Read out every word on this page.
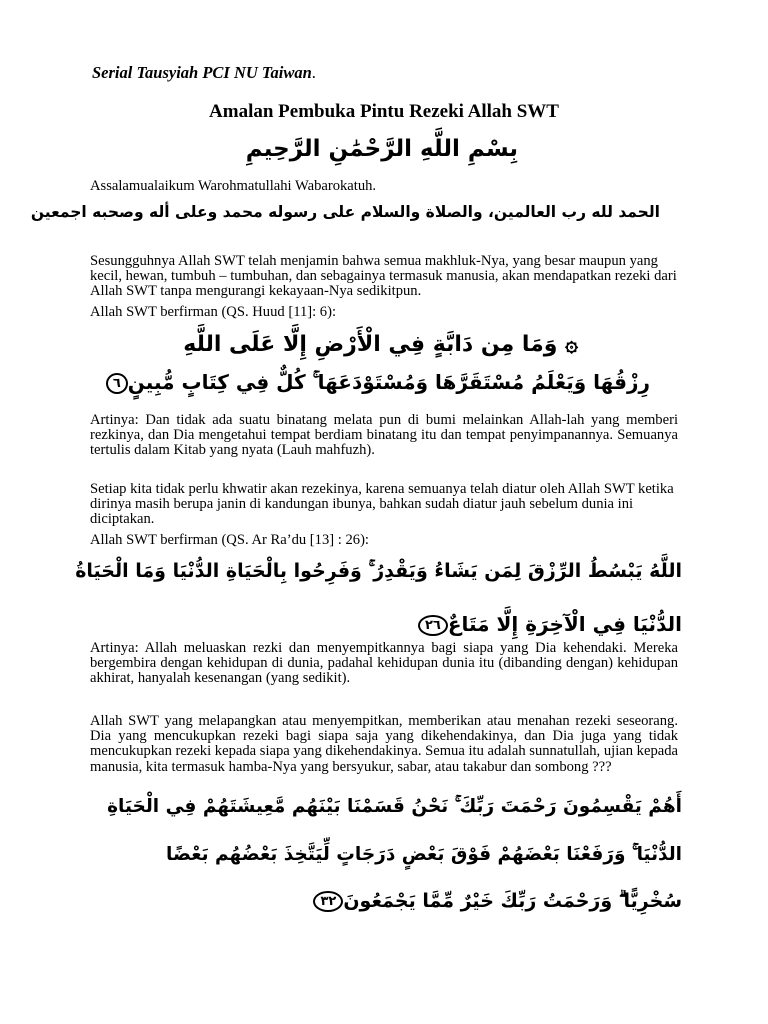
Serial Tausyiah PCI NU Taiwan.
Amalan Pembuka Pintu Rezeki Allah SWT
بِسْمِ اللَّهِ الرَّحْمَٰنِ الرَّحِيمِ
Assalamualaikum Warohmatullahi Wabarokatuh.
الحمد لله رب العالمين، والصلاة والسلام على رسوله محمد وعلى أله وصحبه اجمعين
Sesungguhnya Allah SWT telah menjamin bahwa semua makhluk-Nya, yang besar maupun yang kecil, hewan, tumbuh – tumbuhan, dan sebagainya termasuk manusia, akan mendapatkan rezeki dari Allah SWT tanpa mengurangi kekayaan-Nya sedikitpun.
Allah SWT berfirman (QS. Huud [11]: 6):
۞ وَمَا مِن دَابَّةٍ فِي الْأَرْضِ إِلَّا عَلَى اللَّهِ
رِزْقُهَا وَيَعْلَمُ مُسْتَقَرَّهَا وَمُسْتَوْدَعَهَا ۚ كُلٌّ فِي كِتَابٍ مُّبِينٍ٦
Artinya: Dan tidak ada suatu binatang melata pun di bumi melainkan Allah-lah yang memberi rezkinya, dan Dia mengetahui tempat berdiam binatang itu dan tempat penyimpanannya. Semuanya tertulis dalam Kitab yang nyata (Lauh mahfuzh).
Setiap kita tidak perlu khwatir akan rezekinya, karena semuanya telah diatur oleh Allah SWT ketika dirinya masih berupa janin di kandungan ibunya, bahkan sudah diatur jauh sebelum dunia ini diciptakan.
Allah SWT berfirman (QS. Ar Ra’du [13] : 26):
اللَّهُ يَبْسُطُ الرِّزْقَ لِمَن يَشَاءُ وَيَقْدِرُ ۚ وَفَرِحُوا بِالْحَيَاةِ الدُّنْيَا وَمَا الْحَيَاةُ
الدُّنْيَا فِي الْآخِرَةِ إِلَّا مَتَاعٌ٢٦
Artinya: Allah meluaskan rezki dan menyempitkannya bagi siapa yang Dia kehendaki. Mereka bergembira dengan kehidupan di dunia, padahal kehidupan dunia itu (dibanding dengan) kehidupan akhirat, hanyalah kesenangan (yang sedikit).
Allah SWT yang melapangkan atau menyempitkan, memberikan atau menahan rezeki seseorang. Dia yang mencukupkan rezeki bagi siapa saja yang dikehendakinya, dan Dia juga yang tidak mencukupkan rezeki kepada siapa yang dikehendakinya. Semua itu adalah sunnatullah, ujian kepada manusia, kita termasuk hamba-Nya yang bersyukur, sabar, atau takabur dan sombong ???
أَهُمْ يَقْسِمُونَ رَحْمَتَ رَبِّكَ ۚ نَحْنُ قَسَمْنَا بَيْنَهُم مَّعِيشَتَهُمْ فِي الْحَيَاةِ
الدُّنْيَا ۚ وَرَفَعْنَا بَعْضَهُمْ فَوْقَ بَعْضٍ دَرَجَاتٍ لِّيَتَّخِذَ بَعْضُهُم بَعْضًا
سُخْرِيًّا ۗ وَرَحْمَتُ رَبِّكَ خَيْرٌ مِّمَّا يَجْمَعُونَ٣٢
